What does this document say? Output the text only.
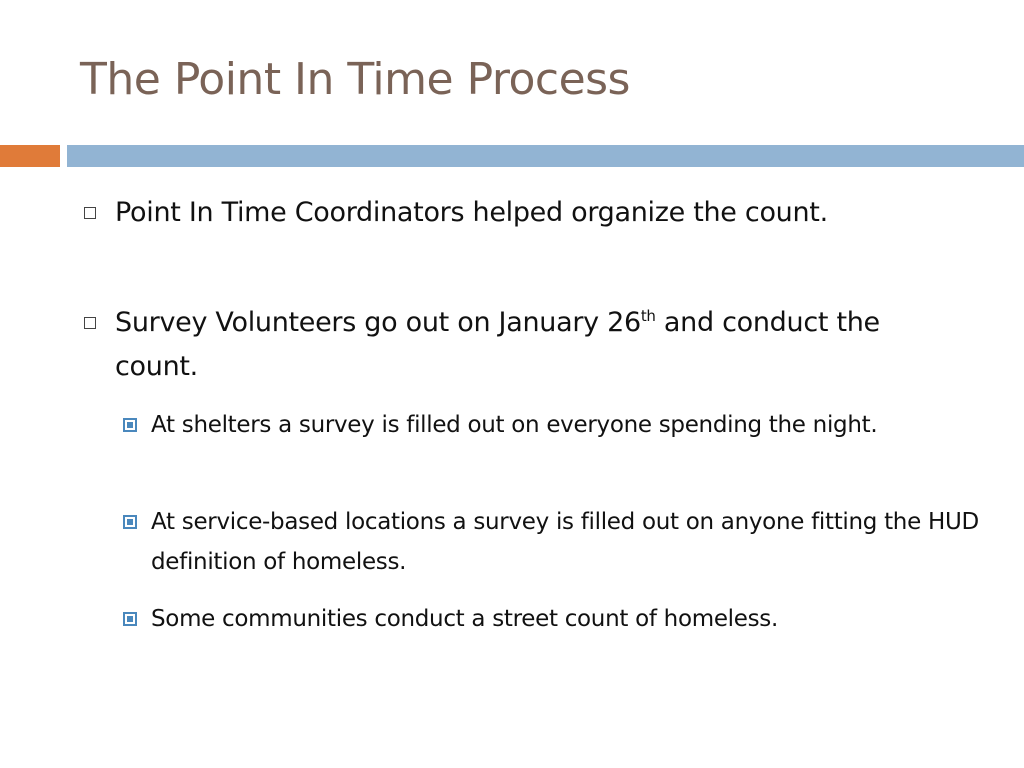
The Point In Time Process

Point In Time Coordinators helped organize the count.

Survey Volunteers go out on January 26th and conduct the count.

At shelters a survey is filled out on everyone spending the night.

At service-based locations a survey is filled out on anyone fitting the HUD definition of homeless.

Some communities conduct a street count of homeless.
